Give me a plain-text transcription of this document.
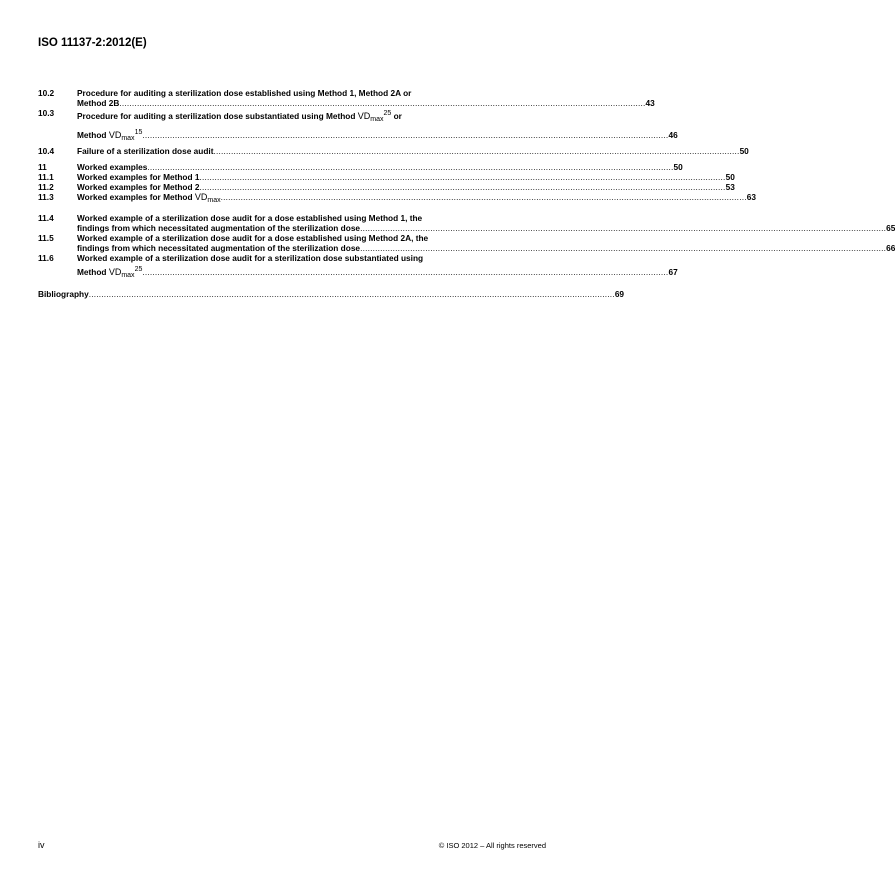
ISO 11137-2:2012(E)
10.2	Procedure for auditing a sterilization dose established using Method 1, Method 2A or
Method 2B .................................................................................................................................................................................................................. 43
10.3	Procedure for auditing a sterilization dose substantiated using Method $VD_{max}^{25}$ or
Method $VD_{max}^{15}$ .................................................................................................................................................................................................................. 46
10.4	Failure of a sterilization dose audit .................................................................................................................................................................................................................. 50
11	Worked examples .................................................................................................................................................................................................................. 50
11.1	Worked examples for Method 1 .................................................................................................................................................................................................................. 50
11.2	Worked examples for Method 2 .................................................................................................................................................................................................................. 53
11.3	Worked examples for Method $VD_{max}$ .................................................................................................................................................................................................................. 63
11.4	Worked example of a sterilization dose audit for a dose established using Method 1, the
findings from which necessitated augmentation of the sterilization dose .................................................................................................................................................................................................................. 65
11.5	Worked example of a sterilization dose audit for a dose established using Method 2A, the
findings from which necessitated augmentation of the sterilization dose .................................................................................................................................................................................................................. 66
11.6	Worked example of a sterilization dose audit for a sterilization dose substantiated using
Method $VD_{max}^{25}$ .................................................................................................................................................................................................................. 67
Bibliography .................................................................................................................................................................................................................. 69
iv	© ISO 2012 – All rights reserved
